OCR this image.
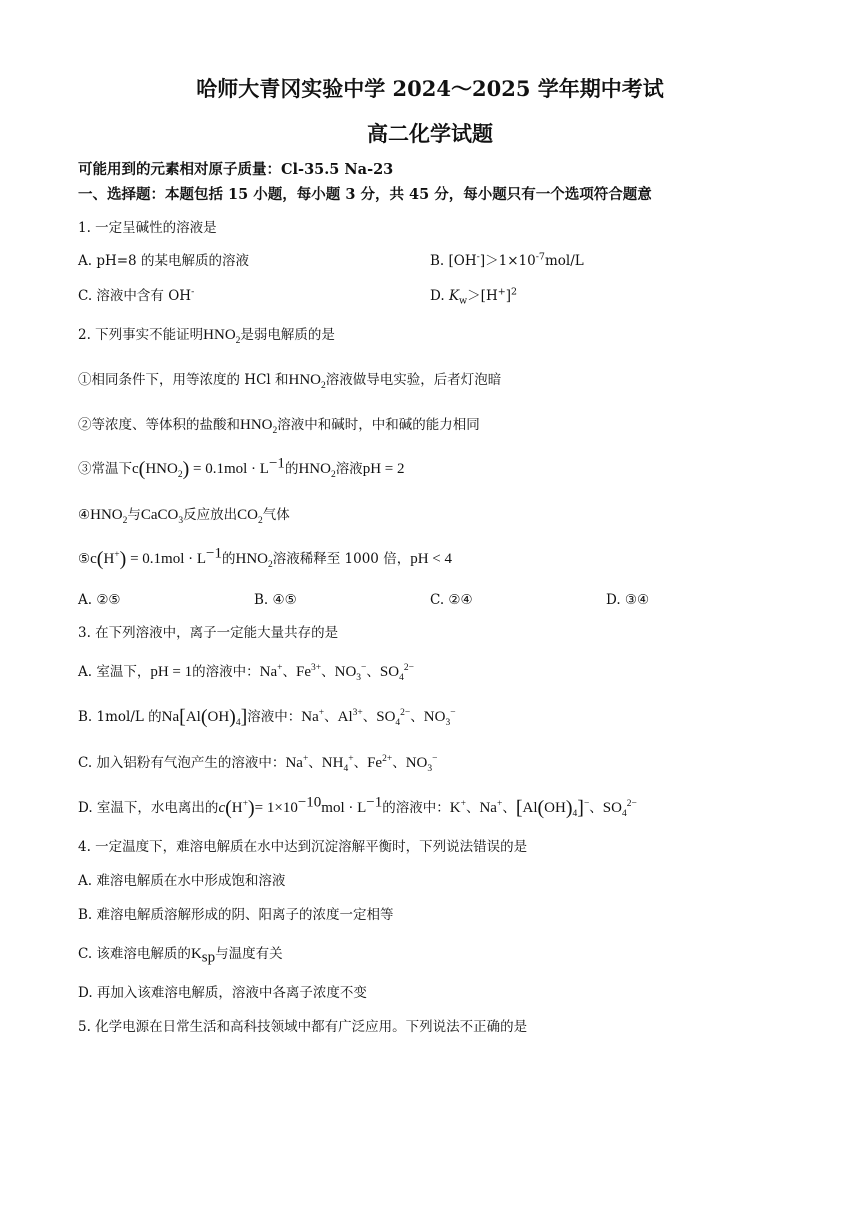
哈师大青冈实验中学 2024～2025 学年期中考试
高二化学试题
可能用到的元素相对原子质量：Cl-35.5 Na-23
一、选择题：本题包括 15 小题，每小题 3 分，共 45 分，每小题只有一个选项符合题意
1. 一定呈碱性的溶液是
A. pH=8 的某电解质的溶液	B. $[OH^-]>1\times 10^{-7}mol/L$
C. 溶液中含有 OH-	D. $K_w>[H^+]^2$
2. 下列事实不能证明$HNO_2$是弱电解质的是
①相同条件下，用等浓度的 HCl 和$HNO_2$溶液做导电实验，后者灯泡暗
②等浓度、等体积的盐酸和$HNO_2$溶液中和碱时，中和碱的能力相同
③常温下$c(HNO_2) = 0.1mol \cdot L^{-1}$的$HNO_2$溶液pH = 2
$④HNO_2$与CaCO$_3$反应放出$CO_2$气体
⑤c(H+) = $0.1mol \cdot L^{-1}$的$HNO_2$溶液稀释至 1000 倍，pH < 4
A. ②⑤	B. ④⑤	C. ②④	D. ③④
3. 在下列溶液中，离子一定能大量共存的是
A. 室温下，pH = 1的溶液中：Na+、$Fe^{3+}$、$NO_3^-$、$SO_4^{2-}$
B. 1mol/L 的$Na[Al(OH)_4]$溶液中：Na+、$Al^{3+}$、$SO_4^{2-}$、$NO_3^-$
C. 加入铝粉有气泡产生的溶液中：Na+、$NH_4^+$、$Fe^{2+}$、$NO_3^-$
D. 室温下，水电离出的$c(H^+)= 1\times 10^{-10}mol \cdot L^{-1}$的溶液中：K+、Na+、$[Al(OH)_4]^-$、$SO_4^{2-}$
4. 一定温度下，难溶电解质在水中达到沉淀溶解平衡时，下列说法错误的是
A. 难溶电解质在水中形成饱和溶液
B. 难溶电解质溶解形成的阴、阳离子的浓度一定相等
C. 该难溶电解质的$K_{sp}$与温度有关
D. 再加入该难溶电解质，溶液中各离子浓度不变
5. 化学电源在日常生活和高科技领域中都有广泛应用。下列说法不正确的是
